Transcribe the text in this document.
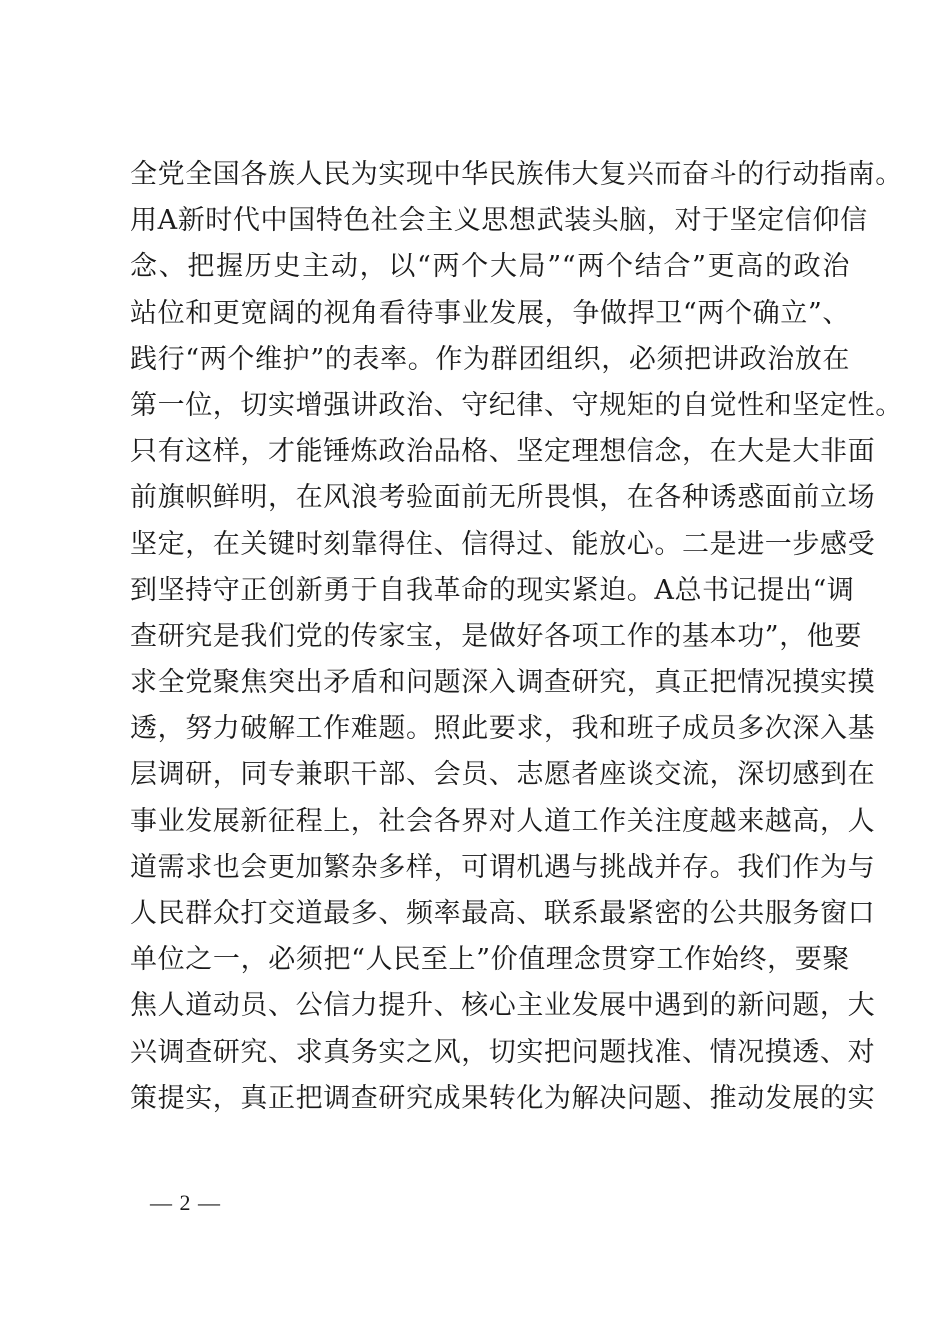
全党全国各族人民为实现中华民族伟大复兴而奋斗的行动指南。
用A新时代中国特色社会主义思想武装头脑，对于坚定信仰信
念、把握历史主动，以“两个大局”“两个结合”更高的政治
站位和更宽阔的视角看待事业发展，争做捍卫“两个确立”、
践行“两个维护”的表率。作为群团组织，必须把讲政治放在
第一位，切实增强讲政治、守纪律、守规矩的自觉性和坚定性。
只有这样，才能锤炼政治品格、坚定理想信念，在大是大非面
前旗帜鲜明，在风浪考验面前无所畏惧，在各种诱惑面前立场
坚定，在关键时刻靠得住、信得过、能放心。二是进一步感受
到坚持守正创新勇于自我革命的现实紧迫。A总书记提出“调
查研究是我们党的传家宝，是做好各项工作的基本功”，他要
求全党聚焦突出矛盾和问题深入调查研究，真正把情况摸实摸
透，努力破解工作难题。照此要求，我和班子成员多次深入基
层调研，同专兼职干部、会员、志愿者座谈交流，深切感到在
事业发展新征程上，社会各界对人道工作关注度越来越高，人
道需求也会更加繁杂多样，可谓机遇与挑战并存。我们作为与
人民群众打交道最多、频率最高、联系最紧密的公共服务窗口
单位之一，必须把“人民至上”价值理念贯穿工作始终，要聚
焦人道动员、公信力提升、核心主业发展中遇到的新问题，大
兴调查研究、求真务实之风，切实把问题找准、情况摸透、对
策提实，真正把调查研究成果转化为解决问题、推动发展的实
— 2 —
